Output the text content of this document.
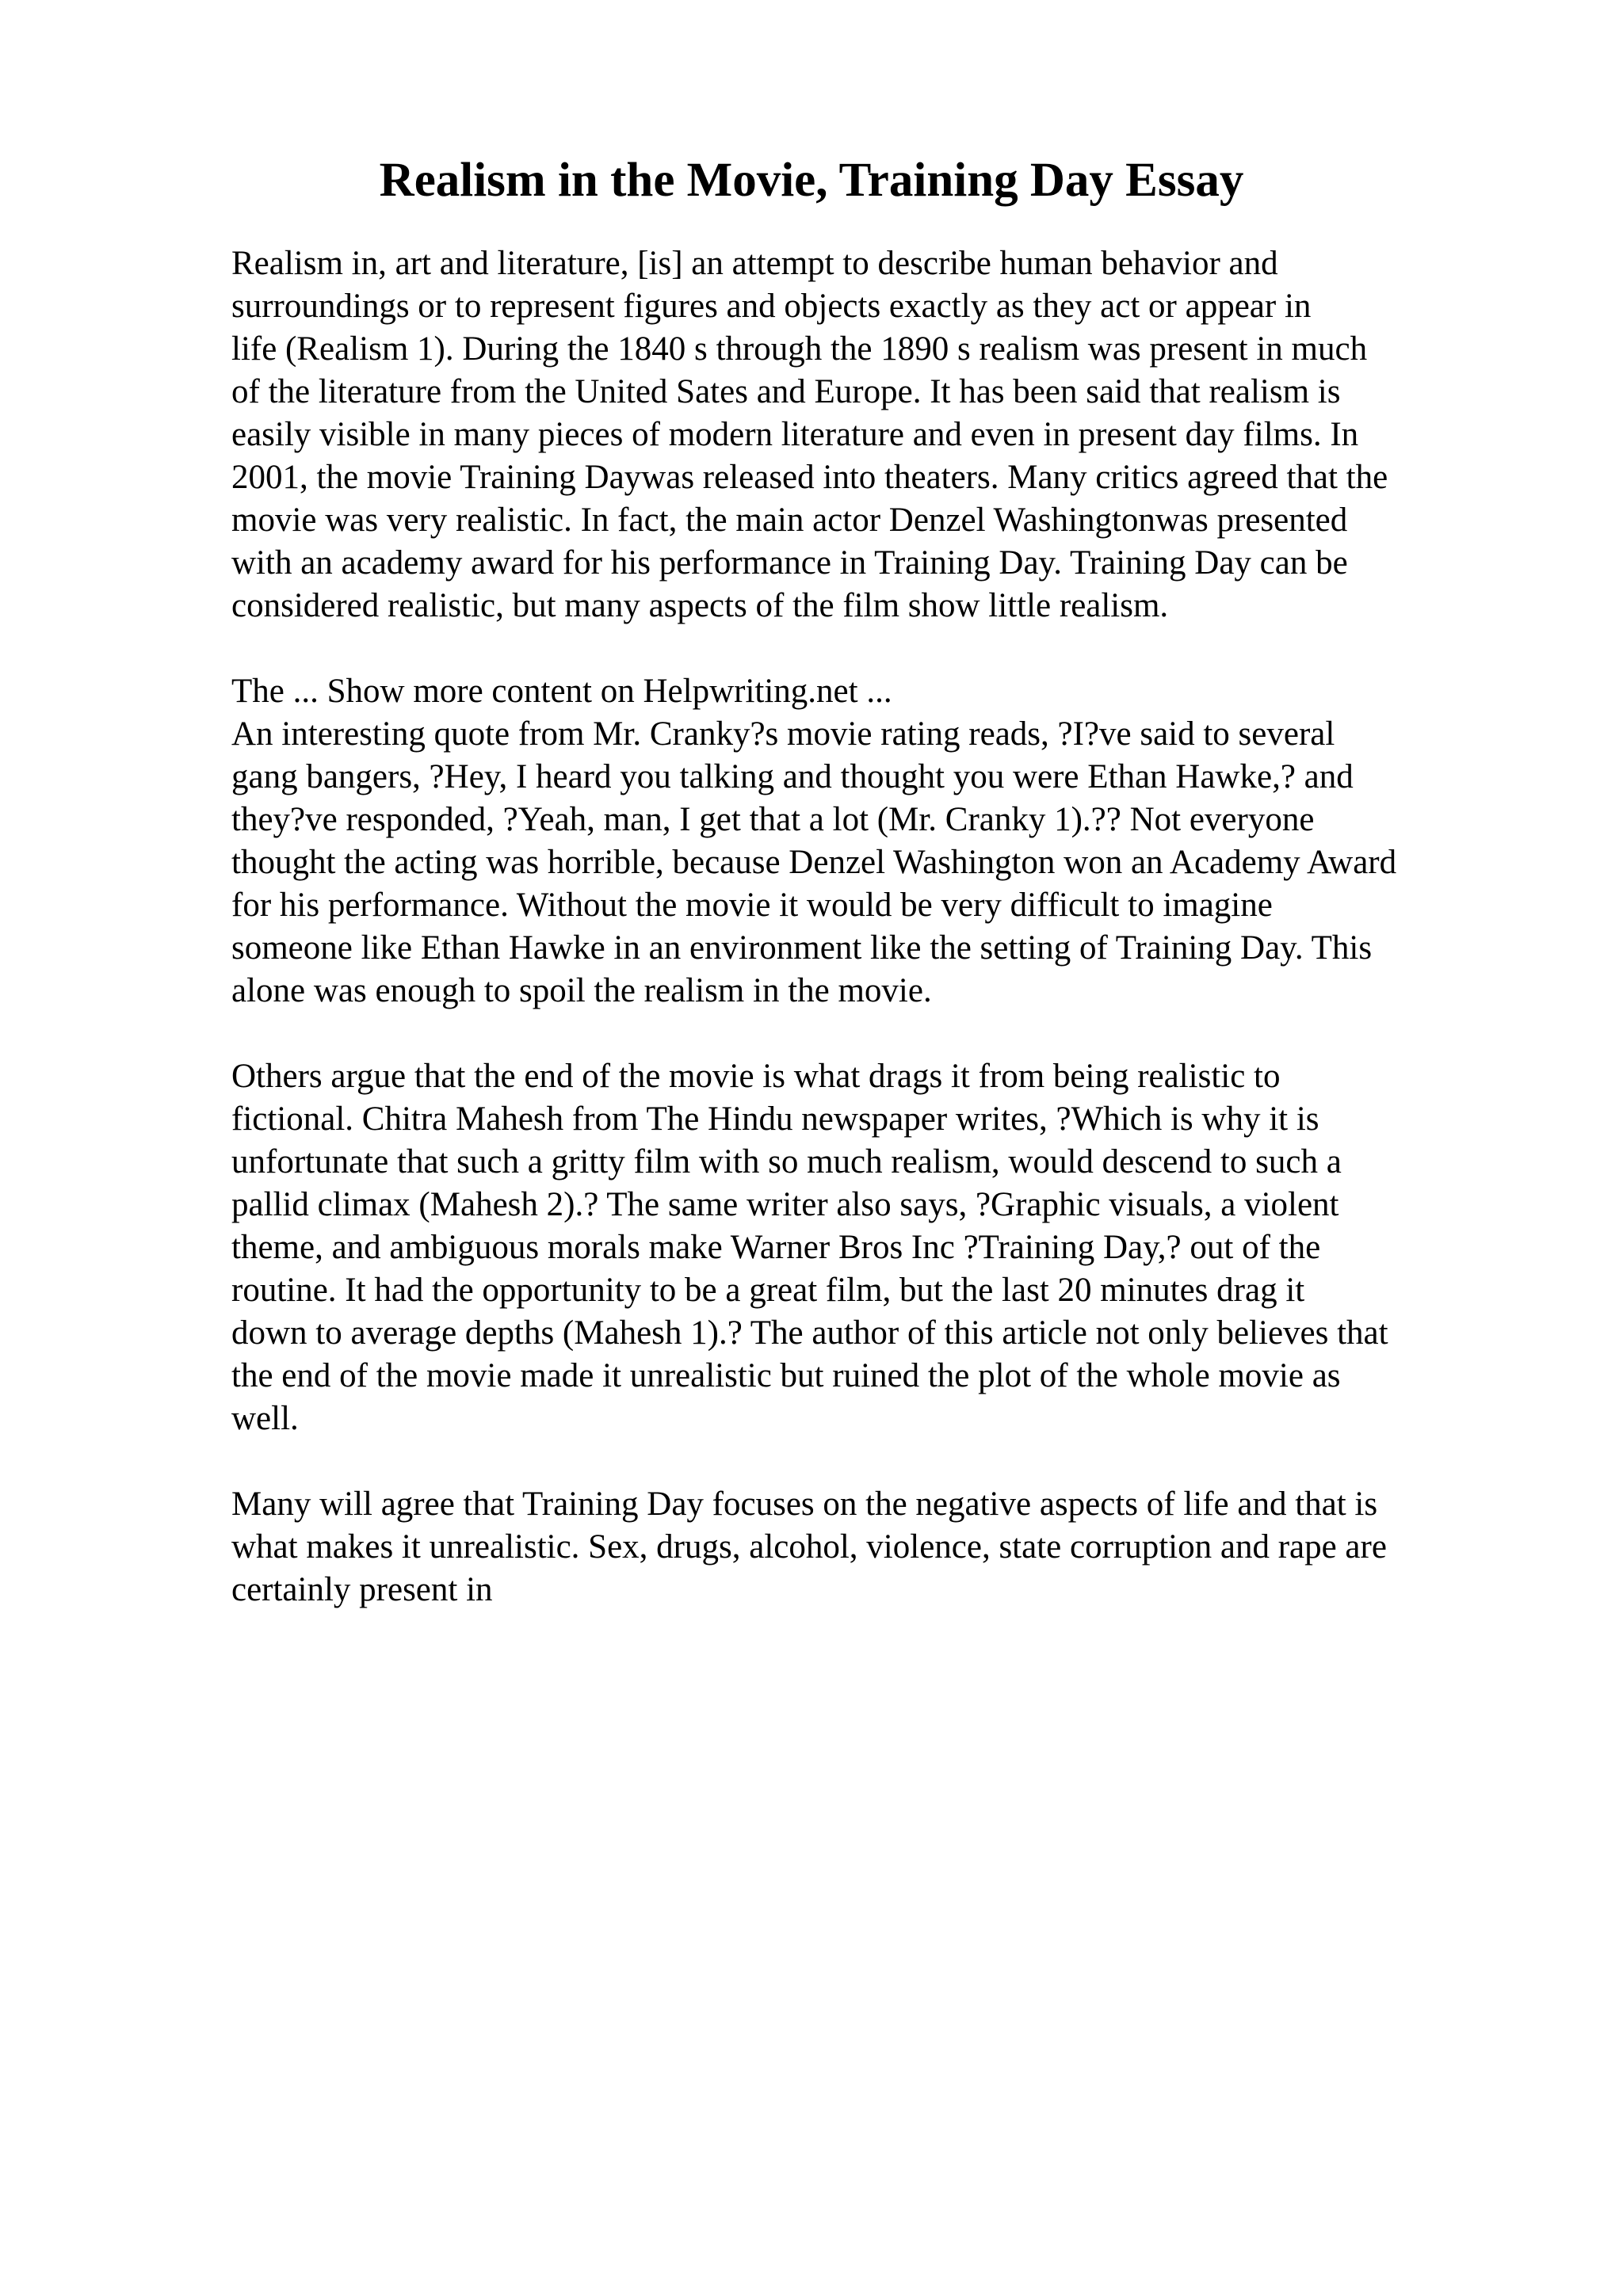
Realism in the Movie, Training Day Essay
Realism in, art and literature, [is] an attempt to describe human behavior and
surroundings or to represent figures and objects exactly as they act or appear in
life (Realism 1). During the 1840 s through the 1890 s realism was present in much
of the literature from the United Sates and Europe. It has been said that realism is
easily visible in many pieces of modern literature and even in present day films. In
2001, the movie Training Daywas released into theaters. Many critics agreed that the
movie was very realistic. In fact, the main actor Denzel Washingtonwas presented
with an academy award for his performance in Training Day. Training Day can be
considered realistic, but many aspects of the film show little realism.
The ... Show more content on Helpwriting.net ...
An interesting quote from Mr. Cranky?s movie rating reads, ?I?ve said to several
gang bangers, ?Hey, I heard you talking and thought you were Ethan Hawke,? and
they?ve responded, ?Yeah, man, I get that a lot (Mr. Cranky 1).?? Not everyone
thought the acting was horrible, because Denzel Washington won an Academy Award
for his performance. Without the movie it would be very difficult to imagine
someone like Ethan Hawke in an environment like the setting of Training Day. This
alone was enough to spoil the realism in the movie.
Others argue that the end of the movie is what drags it from being realistic to
fictional. Chitra Mahesh from The Hindu newspaper writes, ?Which is why it is
unfortunate that such a gritty film with so much realism, would descend to such a
pallid climax (Mahesh 2).? The same writer also says, ?Graphic visuals, a violent
theme, and ambiguous morals make Warner Bros Inc ?Training Day,? out of the
routine. It had the opportunity to be a great film, but the last 20 minutes drag it
down to average depths (Mahesh 1).? The author of this article not only believes that
the end of the movie made it unrealistic but ruined the plot of the whole movie as
well.
Many will agree that Training Day focuses on the negative aspects of life and that is
what makes it unrealistic. Sex, drugs, alcohol, violence, state corruption and rape are
certainly present in
